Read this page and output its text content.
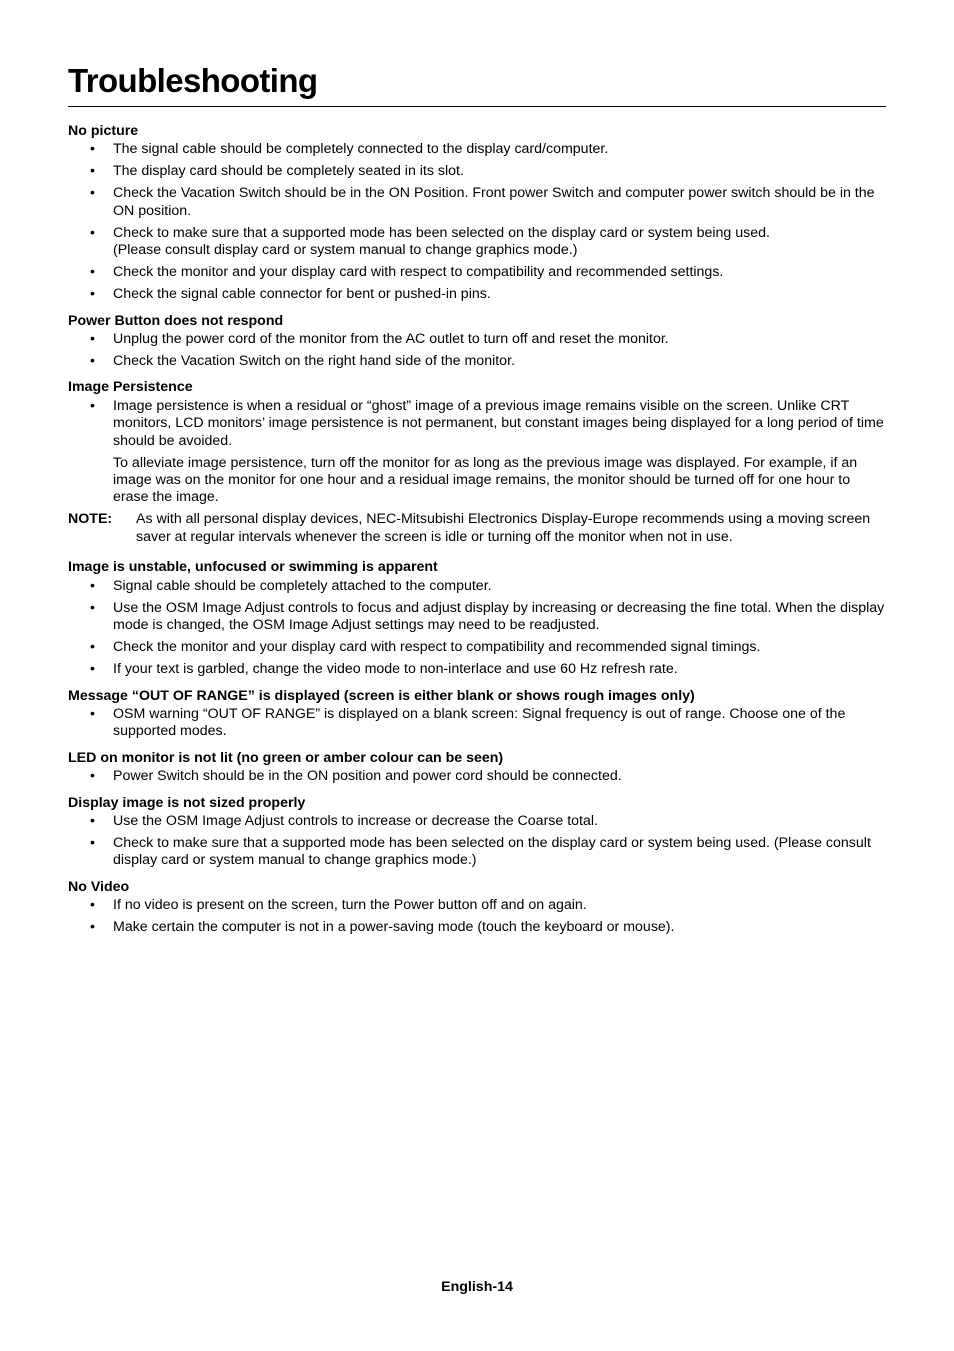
Troubleshooting
No picture
• The signal cable should be completely connected to the display card/computer.
• The display card should be completely seated in its slot.
• Check the Vacation Switch should be in the ON Position. Front power Switch and computer power switch should be in the ON position.
• Check to make sure that a supported mode has been selected on the display card or system being used.
(Please consult display card or system manual to change graphics mode.)
• Check the monitor and your display card with respect to compatibility and recommended settings.
• Check the signal cable connector for bent or pushed-in pins.
Power Button does not respond
• Unplug the power cord of the monitor from the AC outlet to turn off and reset the monitor.
• Check the Vacation Switch on the right hand side of the monitor.
Image Persistence
• Image persistence is when a residual or “ghost” image of a previous image remains visible on the screen. Unlike CRT monitors, LCD monitors’ image persistence is not permanent, but constant images being displayed for a long period of time should be avoided.

To alleviate image persistence, turn off the monitor for as long as the previous image was displayed. For example, if an image was on the monitor for one hour and a residual image remains, the monitor should be turned off for one hour to erase the image.

NOTE:	As with all personal display devices, NEC-Mitsubishi Electronics Display-Europe recommends using a moving screen saver at regular intervals whenever the screen is idle or turning off the monitor when not in use.
Image is unstable, unfocused or swimming is apparent
• Signal cable should be completely attached to the computer.
• Use the OSM Image Adjust controls to focus and adjust display by increasing or decreasing the fine total. When the display mode is changed, the OSM Image Adjust settings may need to be readjusted.
• Check the monitor and your display card with respect to compatibility and recommended signal timings.
• If your text is garbled, change the video mode to non-interlace and use 60 Hz refresh rate.
Message “OUT OF RANGE” is displayed (screen is either blank or shows rough images only)
• OSM warning “OUT OF RANGE” is displayed on a blank screen: Signal frequency is out of range. Choose one of the supported modes.
LED on monitor is not lit (no green or amber colour can be seen)
• Power Switch should be in the ON position and power cord should be connected.
Display image is not sized properly
• Use the OSM Image Adjust controls to increase or decrease the Coarse total.
• Check to make sure that a supported mode has been selected on the display card or system being used. (Please consult display card or system manual to change graphics mode.)
No Video
• If no video is present on the screen, turn the Power button off and on again.
• Make certain the computer is not in a power-saving mode (touch the keyboard or mouse).
English-14
